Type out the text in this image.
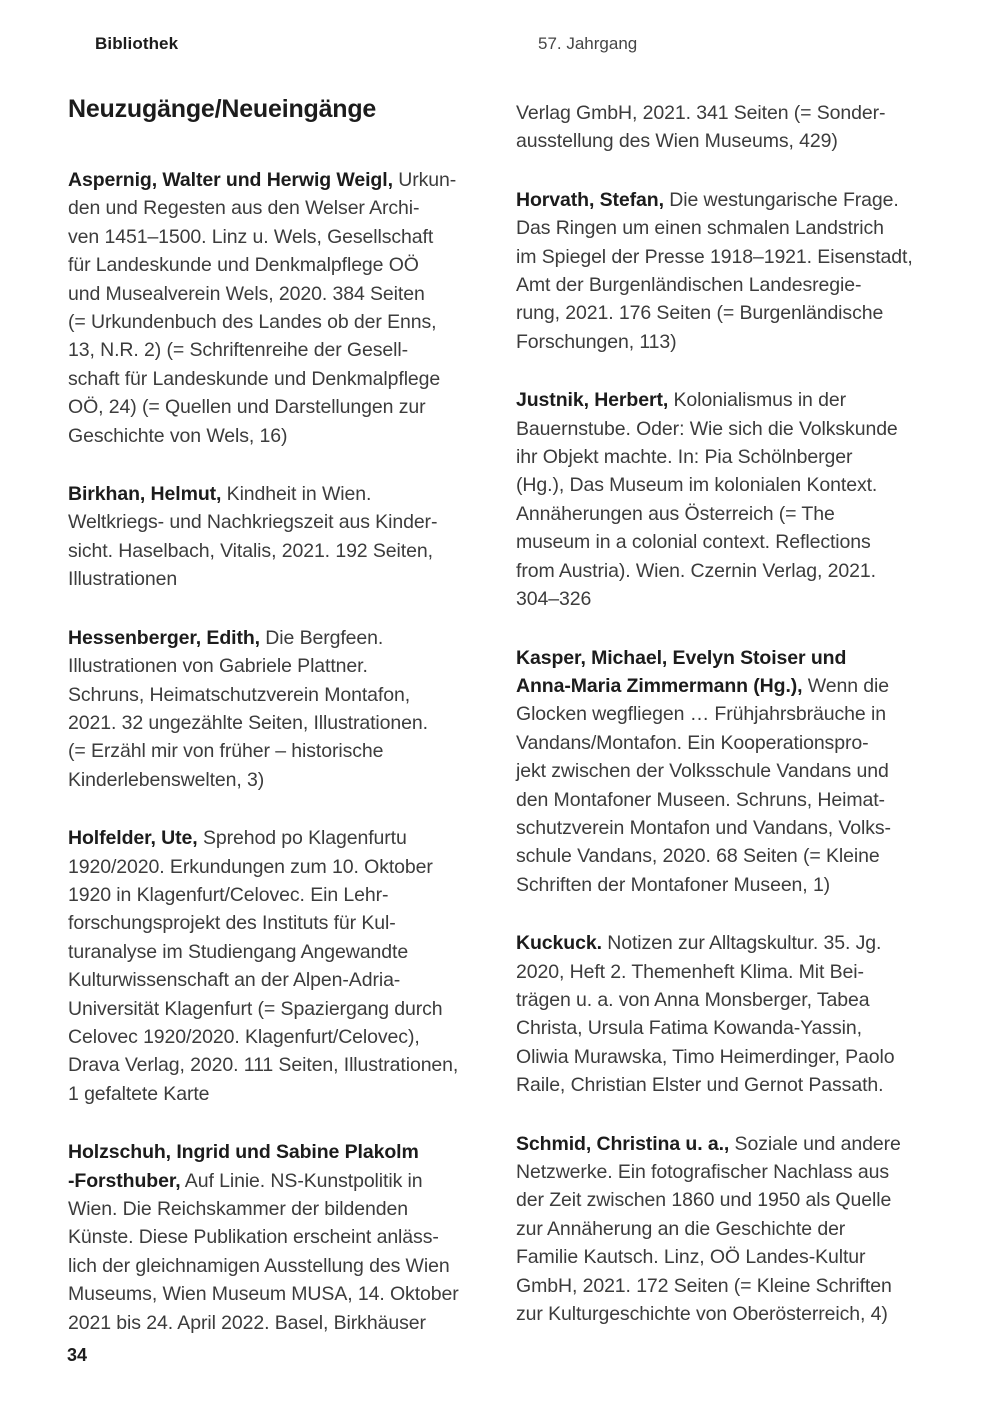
Bibliothek	57. Jahrgang
Neuzugänge/Neueingänge
Aspernig, Walter und Herwig Weigl, Urkun-
den und Regesten aus den Welser Archi-
ven 1451–1500. Linz u. Wels, Gesellschaft
für Landeskunde und Denkmalpflege OÖ
und Musealverein Wels, 2020. 384 Seiten
(= Urkundenbuch des Landes ob der Enns,
13, N.R. 2) (= Schriftenreihe der Gesell-
schaft für Landeskunde und Denkmalpflege
OÖ, 24) (= Quellen und Darstellungen zur
Geschichte von Wels, 16)
Birkhan, Helmut, Kindheit in Wien.
Weltkriegs- und Nachkriegszeit aus Kinder-
sicht. Haselbach, Vitalis, 2021. 192 Seiten,
Illustrationen
Hessenberger, Edith, Die Bergfeen.
Illustrationen von Gabriele Plattner.
Schruns, Heimatschutzverein Montafon,
2021. 32 ungezählte Seiten, Illustrationen.
(= Erzähl mir von früher – historische
Kinderlebenswelten, 3)
Holfelder, Ute, Sprehod po Klagenfurtu
1920/2020. Erkundungen zum 10. Oktober
1920 in Klagenfurt/Celovec. Ein Lehr-
forschungsprojekt des Instituts für Kul-
turanalyse im Studiengang Angewandte
Kulturwissenschaft an der Alpen-Adria-
Universität Klagenfurt (= Spaziergang durch
Celovec 1920/2020. Klagenfurt/Celovec),
Drava Verlag, 2020. 111 Seiten, Illustrationen,
1 gefaltete Karte
Holzschuh, Ingrid und Sabine Plakolm
-Forsthuber, Auf Linie. NS-Kunstpolitik in
Wien. Die Reichskammer der bildenden
Künste. Diese Publikation erscheint anläss-
lich der gleichnamigen Ausstellung des Wien
Museums, Wien Museum MUSA, 14. Oktober
2021 bis 24. April 2022. Basel, Birkhäuser
Verlag GmbH, 2021. 341 Seiten (= Sonder-
ausstellung des Wien Museums, 429)
Horvath, Stefan, Die westungarische Frage.
Das Ringen um einen schmalen Landstrich
im Spiegel der Presse 1918–1921. Eisenstadt,
Amt der Burgenländischen Landesregie-
rung, 2021. 176 Seiten (= Burgenländische
Forschungen, 113)
Justnik, Herbert, Kolonialismus in der
Bauernstube. Oder: Wie sich die Volkskunde
ihr Objekt machte. In: Pia Schölnberger
(Hg.), Das Museum im kolonialen Kontext.
Annäherungen aus Österreich (= The
museum in a colonial context. Reflections
from Austria). Wien. Czernin Verlag, 2021.
304–326
Kasper, Michael, Evelyn Stoiser und
Anna-Maria Zimmermann (Hg.), Wenn die
Glocken wegfliegen … Frühjahrsbräuche in
Vandans/Montafon. Ein Kooperationspro-
jekt zwischen der Volksschule Vandans und
den Montafoner Museen. Schruns, Heimat-
schutzverein Montafon und Vandans, Volks-
schule Vandans, 2020. 68 Seiten (= Kleine
Schriften der Montafoner Museen, 1)
Kuckuck. Notizen zur Alltagskultur. 35. Jg.
2020, Heft 2. Themenheft Klima. Mit Bei-
trägen u. a. von Anna Monsberger, Tabea
Christa, Ursula Fatima Kowanda-Yassin,
Oliwia Murawska, Timo Heimerdinger, Paolo
Raile, Christian Elster und Gernot Passath.
Schmid, Christina u. a., Soziale und andere
Netzwerke. Ein fotografischer Nachlass aus
der Zeit zwischen 1860 und 1950 als Quelle
zur Annäherung an die Geschichte der
Familie Kautsch. Linz, OÖ Landes-Kultur
GmbH, 2021. 172 Seiten (= Kleine Schriften
zur Kulturgeschichte von Oberösterreich, 4)
34
